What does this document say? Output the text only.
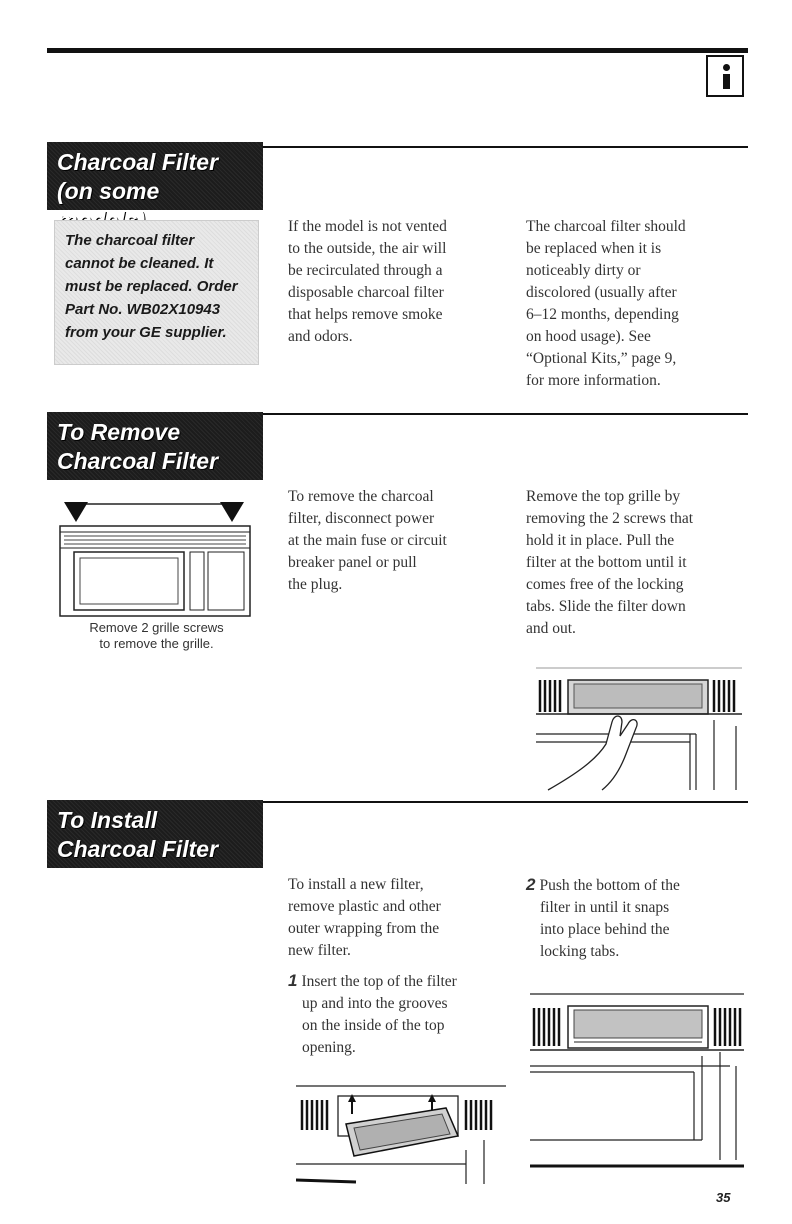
Charcoal Filter
(on some
The charcoal filter
cannot be cleaned. It
must be replaced. Order
Part No. WB02X10943
from your GE supplier.
If the model is not vented
to the outside, the air will
be recirculated through a
disposable charcoal filter
that helps remove smoke
and odors.
The charcoal filter should
be replaced when it is
noticeably dirty or
discolored (usually after
6–12 months, depending
on hood usage). See
“Optional Kits,” page 9,
for more information.
To Remove
Charcoal Filter
Remove 2 grille screws
to remove the grille.
To remove the charcoal
filter, disconnect power
at the main fuse or circuit
breaker panel or pull
the plug.
Remove the top grille by
removing the 2 screws that
hold it in place. Pull the
filter at the bottom until it
comes free of the locking
tabs. Slide the filter down
and out.
To Install
Charcoal Filter
To install a new filter,
remove plastic and other
outer wrapping from the
new filter.
1 Insert the top of the filter
up and into the grooves
on the inside of the top
opening.
2 Push the bottom of the
filter in until it snaps
into place behind the
locking tabs.
35
